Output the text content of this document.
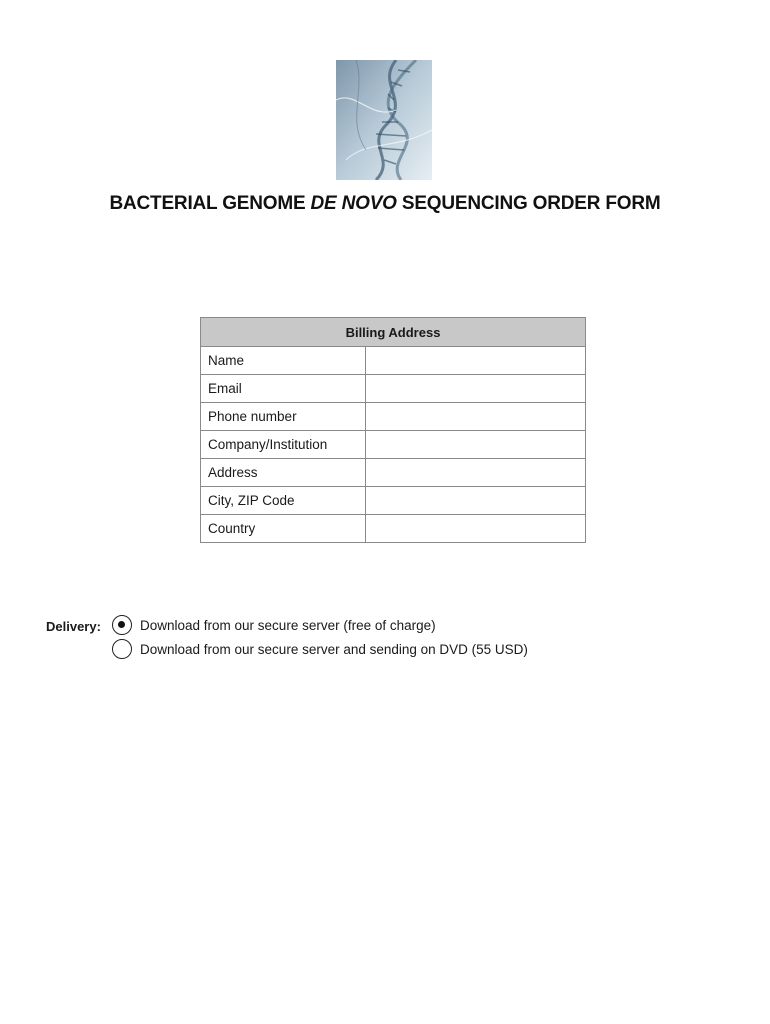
BACTERIAL GENOME DE NOVO SEQUENCING ORDER FORM
Billing Address	
Name	
Email	
Phone number	
Company/Institution	
Address	
City, ZIP Code	
Country	
Delivery:	Download from our secure server (free of charge)
Download from our secure server and sending on DVD (55 USD)
